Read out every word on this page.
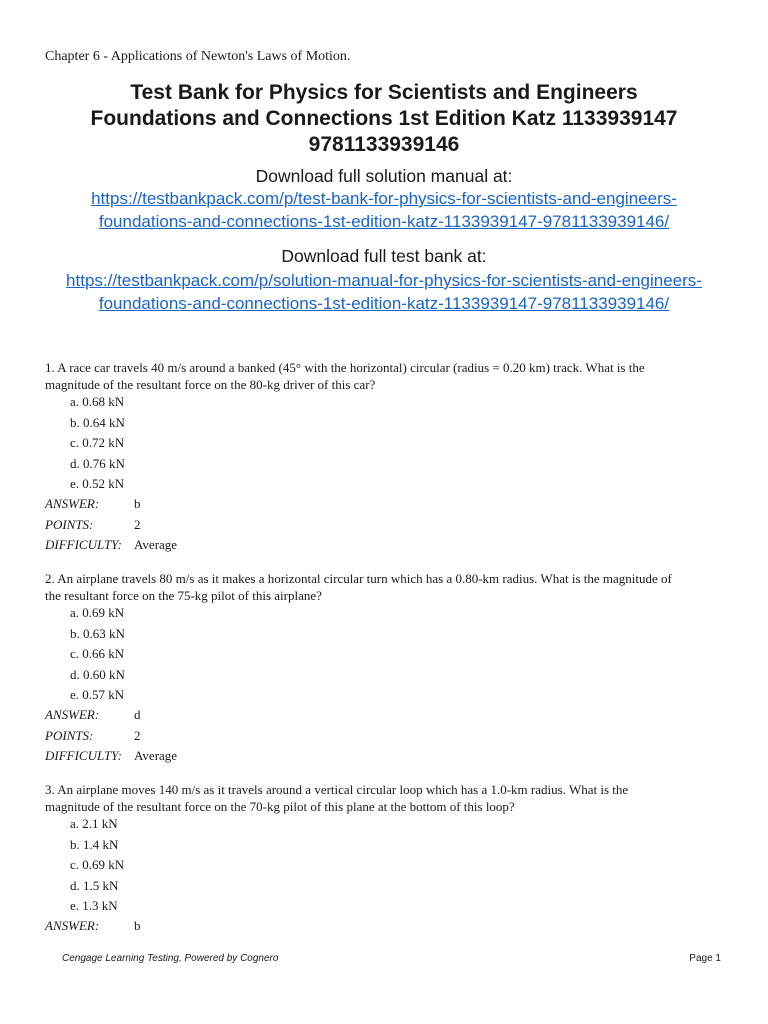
Chapter 6 - Applications of Newton's Laws of Motion.
Test Bank for Physics for Scientists and Engineers
Foundations and Connections 1st Edition Katz 1133939147
9781133939146
Download full solution manual at:
https://testbankpack.com/p/test-bank-for-physics-for-scientists-and-engineers-
foundations-and-connections-1st-edition-katz-1133939147-9781133939146/
Download full test bank at:
https://testbankpack.com/p/solution-manual-for-physics-for-scientists-and-engineers-
foundations-and-connections-1st-edition-katz-1133939147-9781133939146/
1. A race car travels 40 m/s around a banked (45° with the horizontal) circular (radius = 0.20 km) track. What is the
magnitude of the resultant force on the 80-kg driver of this car?
a. 0.68 kN
b. 0.64 kN
c. 0.72 kN
d. 0.76 kN
e. 0.52 kN
ANSWER:	b
POINTS:	2
DIFFICULTY: Average
2. An airplane travels 80 m/s as it makes a horizontal circular turn which has a 0.80-km radius. What is the magnitude of
the resultant force on the 75-kg pilot of this airplane?
a. 0.69 kN
b. 0.63 kN
c. 0.66 kN
d. 0.60 kN
e. 0.57 kN
ANSWER:	d
POINTS:	2
DIFFICULTY: Average
3. An airplane moves 140 m/s as it travels around a vertical circular loop which has a 1.0-km radius. What is the
magnitude of the resultant force on the 70-kg pilot of this plane at the bottom of this loop?
a. 2.1 kN
b. 1.4 kN
c. 0.69 kN
d. 1.5 kN
e. 1.3 kN
ANSWER:	b
Cengage Learning Testing, Powered by Cognero	Page 1
